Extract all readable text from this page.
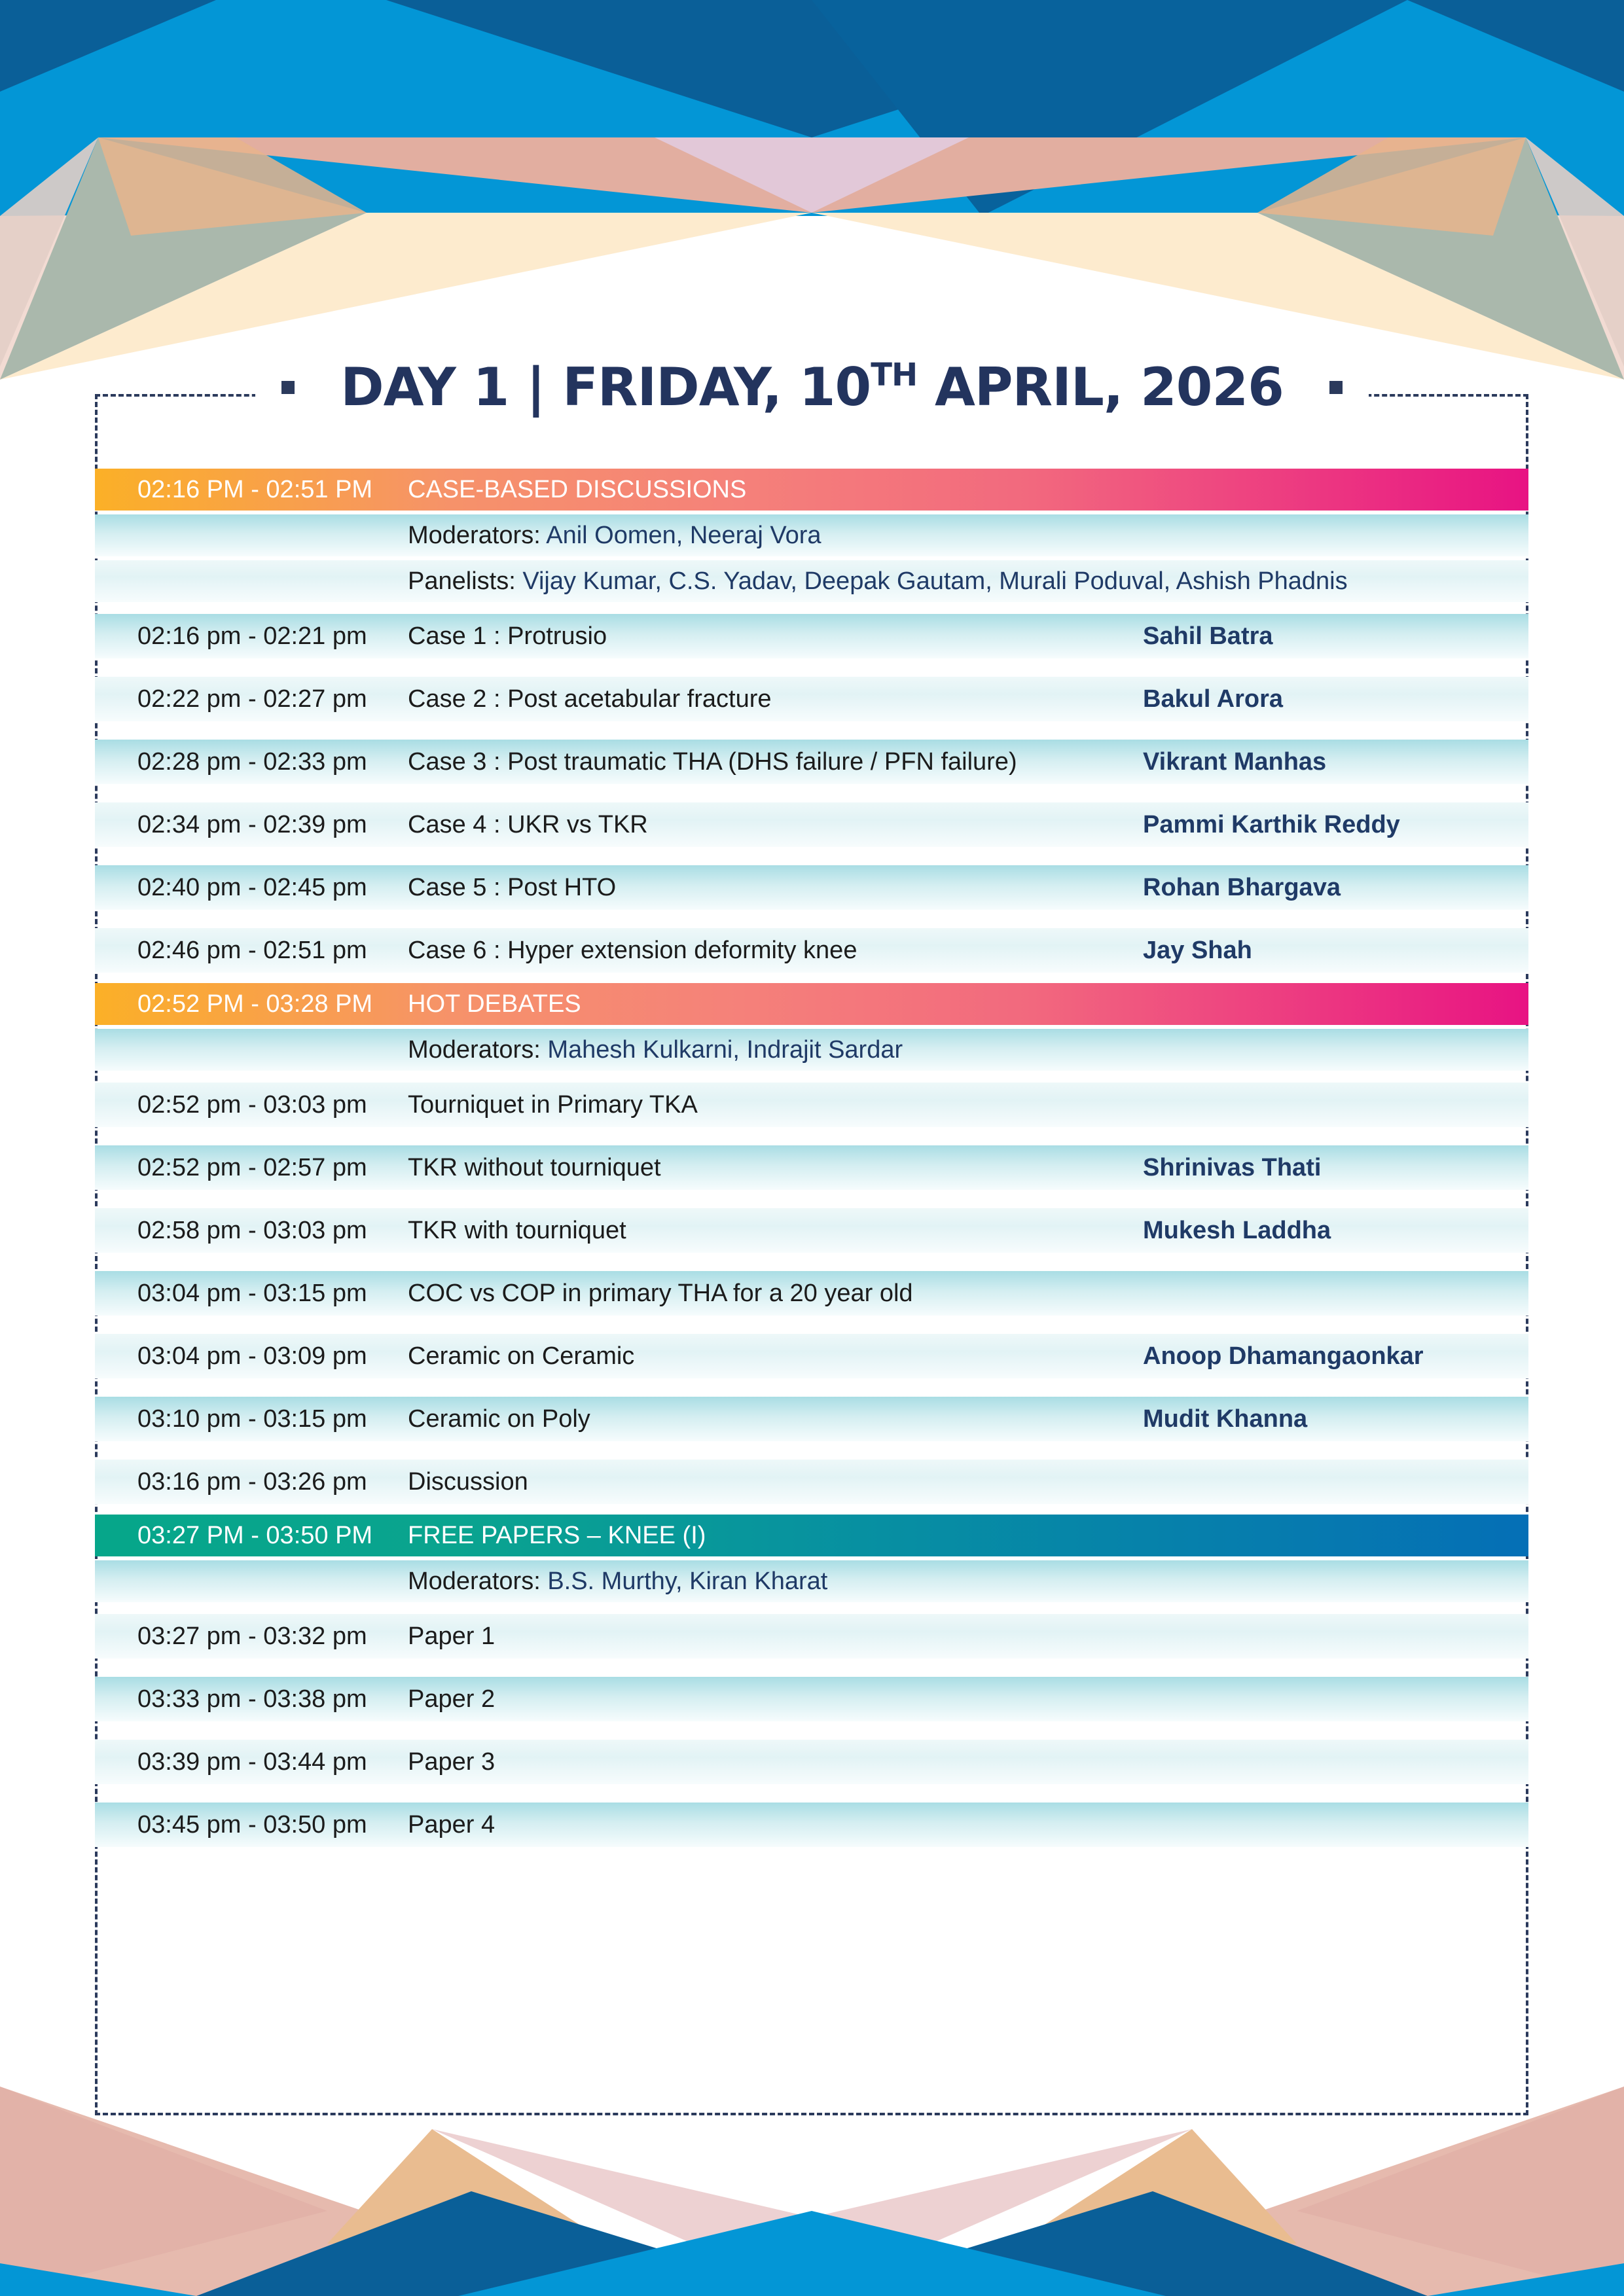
DAY 1 | FRIDAY, 10TH APRIL, 2026
02:16 PM - 02:51 PM CASE-BASED DISCUSSIONS
Moderators: Anil Oomen, Neeraj Vora
Panelists: Vijay Kumar, C.S. Yadav, Deepak Gautam, Murali Poduval, Ashish Phadnis
02:16 pm - 02:21 pm Case 1 : Protrusio	Sahil Batra
02:22 pm - 02:27 pm Case 2 : Post acetabular fracture	Bakul Arora
02:28 pm - 02:33 pm Case 3 : Post traumatic THA (DHS failure / PFN failure)	Vikrant Manhas
02:34 pm - 02:39 pm Case 4 : UKR vs TKR	Pammi Karthik Reddy
02:40 pm - 02:45 pm Case 5 : Post HTO	Rohan Bhargava
02:46 pm - 02:51 pm Case 6 : Hyper extension deformity knee	Jay Shah
02:52 PM - 03:28 PM HOT DEBATES
Moderators: Mahesh Kulkarni, Indrajit Sardar
02:52 pm - 03:03 pm Tourniquet in Primary TKA
02:52 pm - 02:57 pm TKR without tourniquet	Shrinivas Thati
02:58 pm - 03:03 pm TKR with tourniquet	Mukesh Laddha
03:04 pm - 03:15 pm COC vs COP in primary THA for a 20 year old
03:04 pm - 03:09 pm Ceramic on Ceramic	Anoop Dhamangaonkar
03:10 pm - 03:15 pm Ceramic on Poly	Mudit Khanna
03:16 pm - 03:26 pm Discussion
03:27 PM - 03:50 PM FREE PAPERS – KNEE (I)
Moderators: B.S. Murthy, Kiran Kharat
03:27 pm - 03:32 pm Paper 1
03:33 pm - 03:38 pm Paper 2
03:39 pm - 03:44 pm Paper 3
03:45 pm - 03:50 pm Paper 4
